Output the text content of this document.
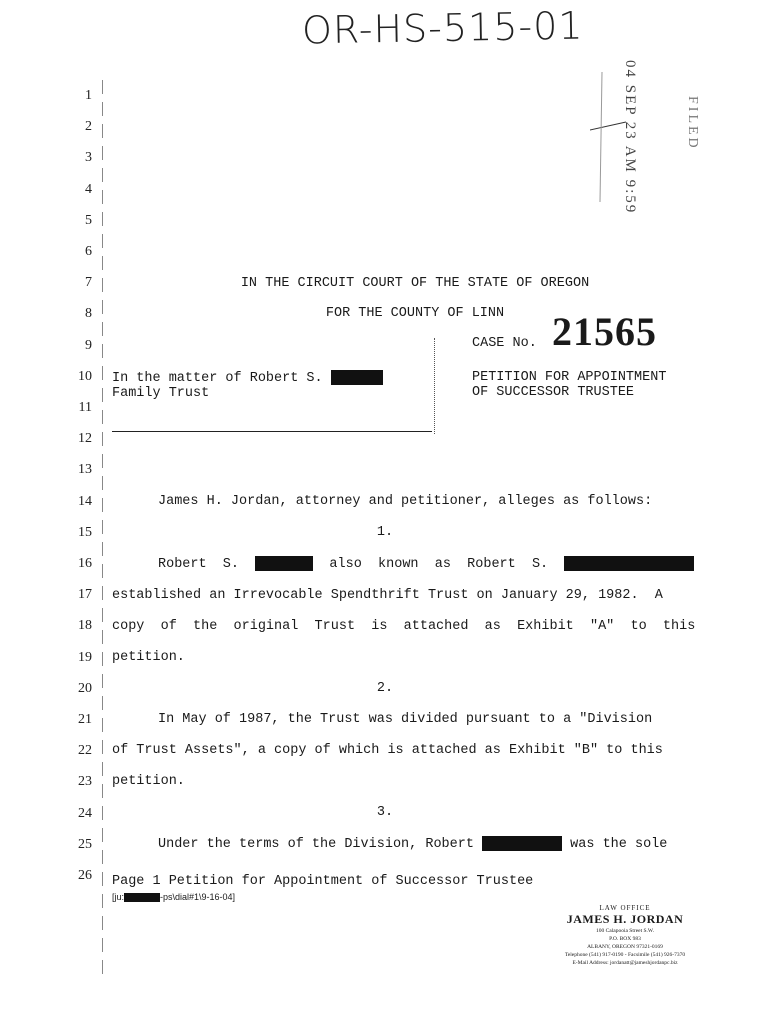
OR-HS-515-01
04 SEP 23 AM 9:59	FILED
1
2
3
4
5
6
7
8
9
10
11
12
13
14
15
16
17
18
19
20
21
22
23
24
25
26
IN THE CIRCUIT COURT OF THE STATE OF OREGON
FOR THE COUNTY OF LINN
CASE No. 21565
In the matter of Robert S.
Family Trust
PETITION FOR APPOINTMENT
OF SUCCESSOR TRUSTEE
James H. Jordan, attorney and petitioner, alleges as follows:
1.
Robert  S.	also  known  as  Robert  S.
established an Irrevocable Spendthrift Trust on January 29, 1982.  A
copy  of  the  original  Trust  is  attached  as  Exhibit  "A"  to  this
petition.
2.
In May of 1987, the Trust was divided pursuant to a "Division
of Trust Assets", a copy of which is attached as Exhibit "B" to this
petition.
3.
Under the terms of the Division, Robert	was the sole
Page 1 Petition for Appointment of Successor Trustee
[ju:	-ps\dial#1\9-16-04]
LAW OFFICE
JAMES H. JORDAN
100 Calapooia Street S.W.
P.O. BOX 983
ALBANY, OREGON 97321-0169
Telephone (541) 917-0190 - Facsimile (541) 926-7370
E-Mail Address: jordanatt@jameshjordanpc.biz
